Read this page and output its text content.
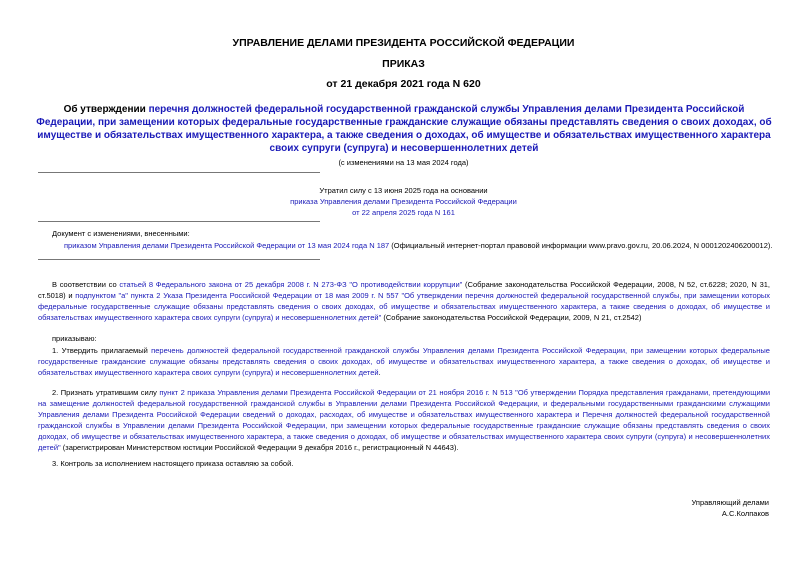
УПРАВЛЕНИЕ ДЕЛАМИ ПРЕЗИДЕНТА РОССИЙСКОЙ ФЕДЕРАЦИИ
ПРИКАЗ
от 21 декабря 2021 года N 620
Об утверждении перечня должностей федеральной государственной гражданской службы Управления делами Президента Российской Федерации, при замещении которых федеральные государственные гражданские служащие обязаны представлять сведения о своих доходах, об имуществе и обязательствах имущественного характера, а также сведения о доходах, об имуществе и обязательствах имущественного характера своих супруги (супруга) и несовершеннолетних детей
(с изменениями на 13 мая 2024 года)
Утратил силу с 13 июня 2025 года на основании
приказа Управления делами Президента Российской Федерации
от 22 апреля 2025 года N 161
Документ с изменениями, внесенными:
приказом Управления делами Президента Российской Федерации от 13 мая 2024 года N 187 (Официальный интернет-портал правовой информации www.pravo.gov.ru, 20.06.2024, N 0001202406200012).
В соответствии со статьей 8 Федерального закона от 25 декабря 2008 г. N 273-ФЗ "О противодействии коррупции" (Собрание законодательства Российской Федерации, 2008, N 52, ст.6228; 2020, N 31, ст.5018) и подпунктом "а" пункта 2 Указа Президента Российской Федерации от 18 мая 2009 г. N 557 "Об утверждении перечня должностей федеральной государственной службы, при замещении которых федеральные государственные служащие обязаны представлять сведения о своих доходах, об имуществе и обязательствах имущественного характера, а также сведения о доходах, об имуществе и обязательствах имущественного характера своих супруги (супруга) и несовершеннолетних детей" (Собрание законодательства Российской Федерации, 2009, N 21, ст.2542)
приказываю:
1. Утвердить прилагаемый перечень должностей федеральной государственной гражданской службы Управления делами Президента Российской Федерации, при замещении которых федеральные государственные гражданские служащие обязаны представлять сведения о своих доходах, об имуществе и обязательствах имущественного характера, а также сведения о доходах, об имуществе и обязательствах имущественного характера своих супруги (супруга) и несовершеннолетних детей.
2. Признать утратившим силу пункт 2 приказа Управления делами Президента Российской Федерации от 21 ноября 2016 г. N 513 "Об утверждении Порядка представления гражданами, претендующими на замещение должностей федеральной государственной гражданской службы в Управлении делами Президента Российской Федерации, и федеральными государственными гражданскими служащими Управления делами Президента Российской Федерации сведений о доходах, расходах, об имуществе и обязательствах имущественного характера и Перечня должностей федеральной государственной гражданской службы в Управлении делами Президента Российской Федерации, при замещении которых федеральные государственные гражданские служащие обязаны представлять сведения о своих доходах, об имуществе и обязательствах имущественного характера, а также сведения о доходах, об имуществе и обязательствах имущественного характера своих супруги (супруга) и несовершеннолетних детей" (зарегистрирован Министерством юстиции Российской Федерации 9 декабря 2016 г., регистрационный N 44643).
3. Контроль за исполнением настоящего приказа оставляю за собой.
Управляющий делами
А.С.Колпаков
